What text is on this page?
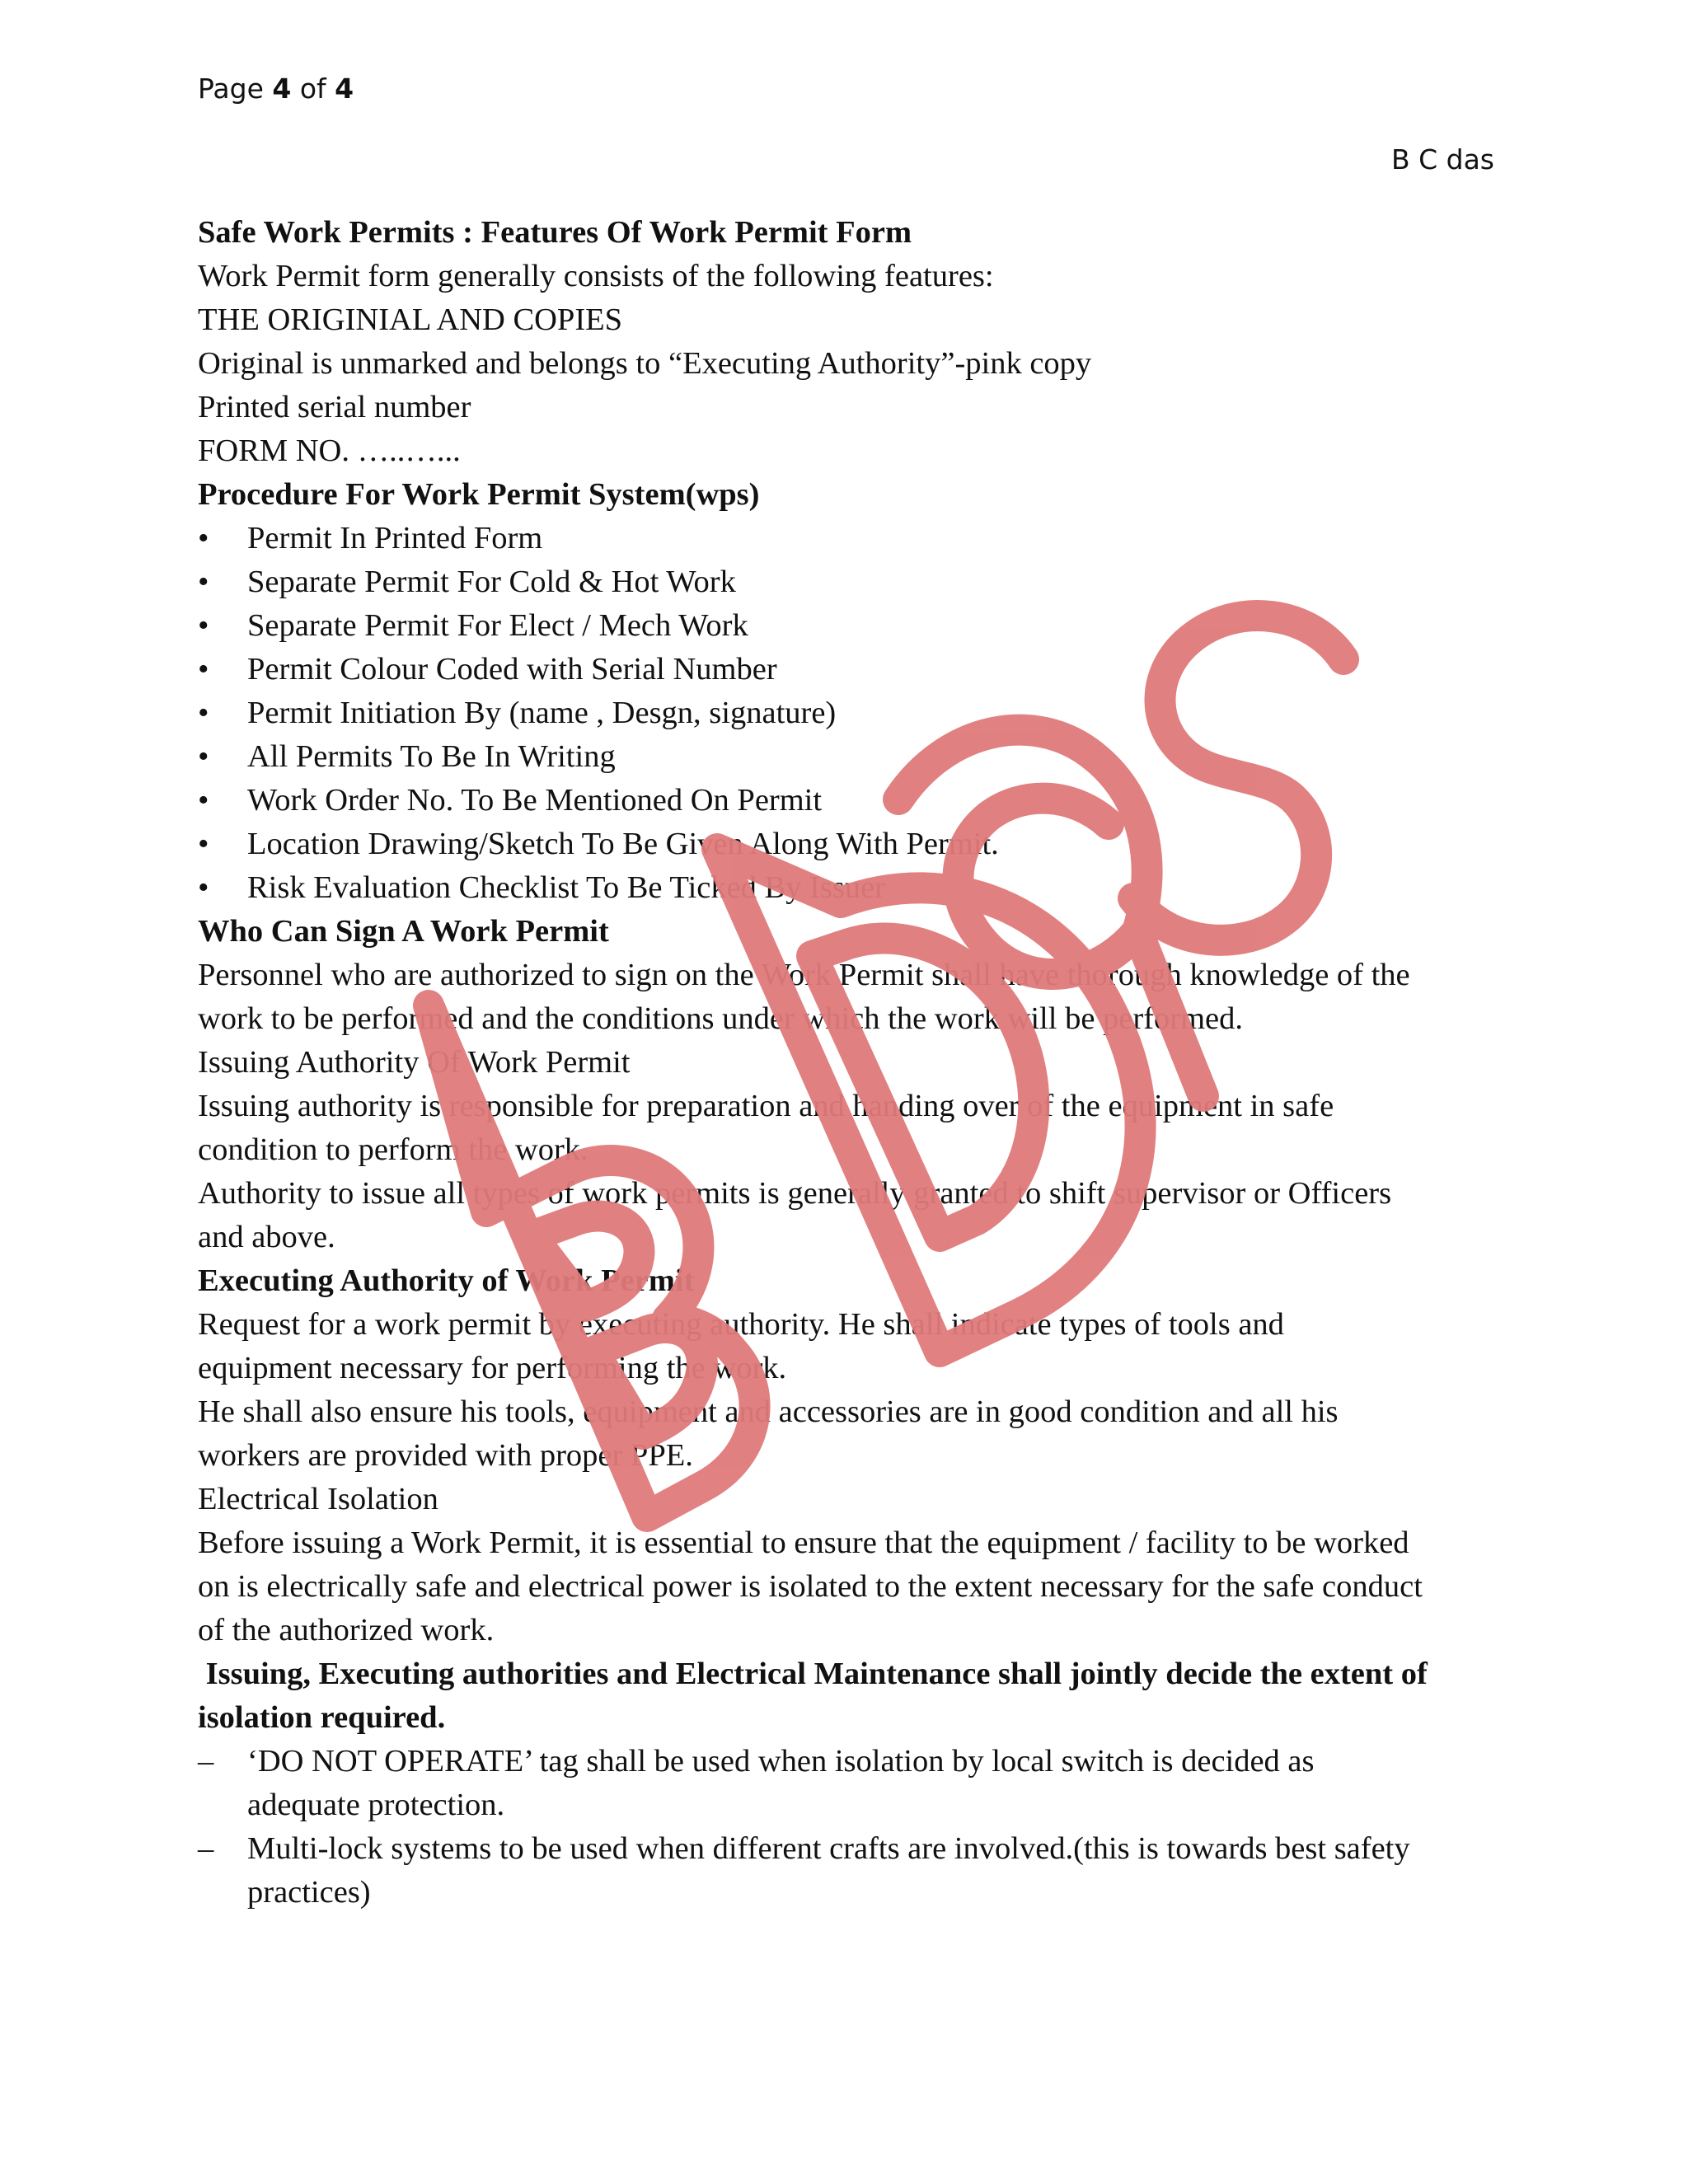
Page 4 of 4
B C das
Safe Work Permits : Features Of Work Permit Form
Work Permit form generally consists of the following features:
THE ORIGINIAL AND COPIES
Original is unmarked and belongs to “Executing Authority”-pink copy
Printed serial number
FORM NO. …..…...
Procedure For Work Permit System(wps)
• Permit In Printed Form
• Separate Permit For Cold & Hot Work
• Separate Permit For Elect / Mech Work
• Permit Colour Coded with Serial Number
• Permit Initiation By (name , Desgn, signature)
• All Permits To Be In Writing
• Work Order No. To Be Mentioned On Permit
• Location Drawing/Sketch To Be Given Along With Permit.
• Risk Evaluation Checklist To Be Ticked By Issuer
Who Can Sign A Work Permit
Personnel who are authorized to sign on the Work Permit shall have thorough knowledge of the
work to be performed and the conditions under which the work will be performed.
Issuing Authority Of Work Permit
Issuing authority is responsible for preparation and handing over of the equipment in safe
condition to perform the work.
Authority to issue all types of work permits is generally granted to shift supervisor or Officers
and above.
Executing Authority of Work Permit
Request for a work permit by executing authority. He shall indicate types of tools and
equipment necessary for performing the work.
He shall also ensure his tools, equipment and accessories are in good condition and all his
workers are provided with proper PPE.
Electrical Isolation
Before issuing a Work Permit, it is essential to ensure that the equipment / facility to be worked
on is electrically safe and electrical power is isolated to the extent necessary for the safe conduct
of the authorized work.
Issuing, Executing authorities and Electrical Maintenance shall jointly decide the extent of
isolation required.
– ‘DO NOT OPERATE’ tag shall be used when isolation by local switch is decided as
adequate protection.
– Multi-lock systems to be used when different crafts are involved.(this is towards best safety
practices)
